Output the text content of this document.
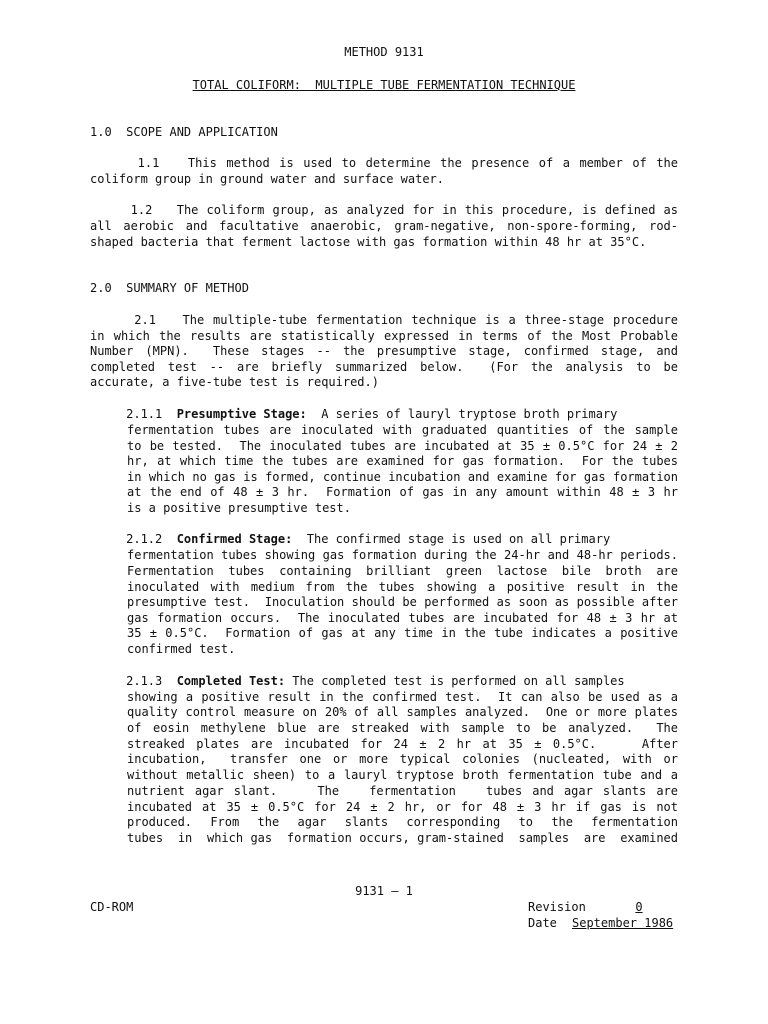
METHOD 9131
TOTAL COLIFORM:  MULTIPLE TUBE FERMENTATION TECHNIQUE
1.0  SCOPE AND APPLICATION
1.1   This method is used to determine the presence of a member of the
coliform group in ground water and surface water.
1.2   The coliform group, as analyzed for in this procedure, is defined as
all aerobic and facultative anaerobic, gram-negative, non-spore-forming, rod-
shaped bacteria that ferment lactose with gas formation within 48 hr at 35°C.
2.0  SUMMARY OF METHOD
2.1   The multiple-tube fermentation technique is a three-stage procedure
in which the results are statistically expressed in terms of the Most Probable
Number (MPN).  These stages -- the presumptive stage, confirmed stage, and
completed test -- are briefly summarized below.  (For the analysis to be
accurate, a five-tube test is required.)
2.1.1  Presumptive Stage:  A series of lauryl tryptose broth primary
fermentation tubes are inoculated with graduated quantities of the sample
to be tested.  The inoculated tubes are incubated at 35 ± 0.5°C for 24 ± 2
hr, at which time the tubes are examined for gas formation.  For the tubes
in which no gas is formed, continue incubation and examine for gas formation
at the end of 48 ± 3 hr.  Formation of gas in any amount within 48 ± 3 hr
is a positive presumptive test.
2.1.2  Confirmed Stage:  The confirmed stage is used on all primary
fermentation tubes showing gas formation during the 24-hr and 48-hr periods.
Fermentation tubes containing brilliant green lactose bile broth are
inoculated with medium from the tubes showing a positive result in the
presumptive test.  Inoculation should be performed as soon as possible after
gas formation occurs.  The inoculated tubes are incubated for 48 ± 3 hr at
35 ± 0.5°C.  Formation of gas at any time in the tube indicates a positive
confirmed test.
2.1.3  Completed Test: The completed test is performed on all samples
showing a positive result in the confirmed test.  It can also be used as a
quality control measure on 20% of all samples analyzed.  One or more plates
of eosin methylene blue are streaked with sample to be analyzed.  The
streaked plates are incubated for 24 ± 2 hr at 35 ± 0.5°C.    After
incubation,  transfer one or more typical colonies (nucleated, with or
without metallic sheen) to a lauryl tryptose broth fermentation tube and a
nutrient agar slant.    The   fermentation   tubes and agar slants are
incubated at 35 ± 0.5°C for 24 ± 2 hr, or for 48 ± 3 hr if gas is not
produced.  From  the  agar  slants  corresponding  to  the  fermentation
tubes  in  which gas  formation occurs, gram-stained  samples  are  examined
9131 – 1
CD-ROM	Revision	0
Date September 1986
